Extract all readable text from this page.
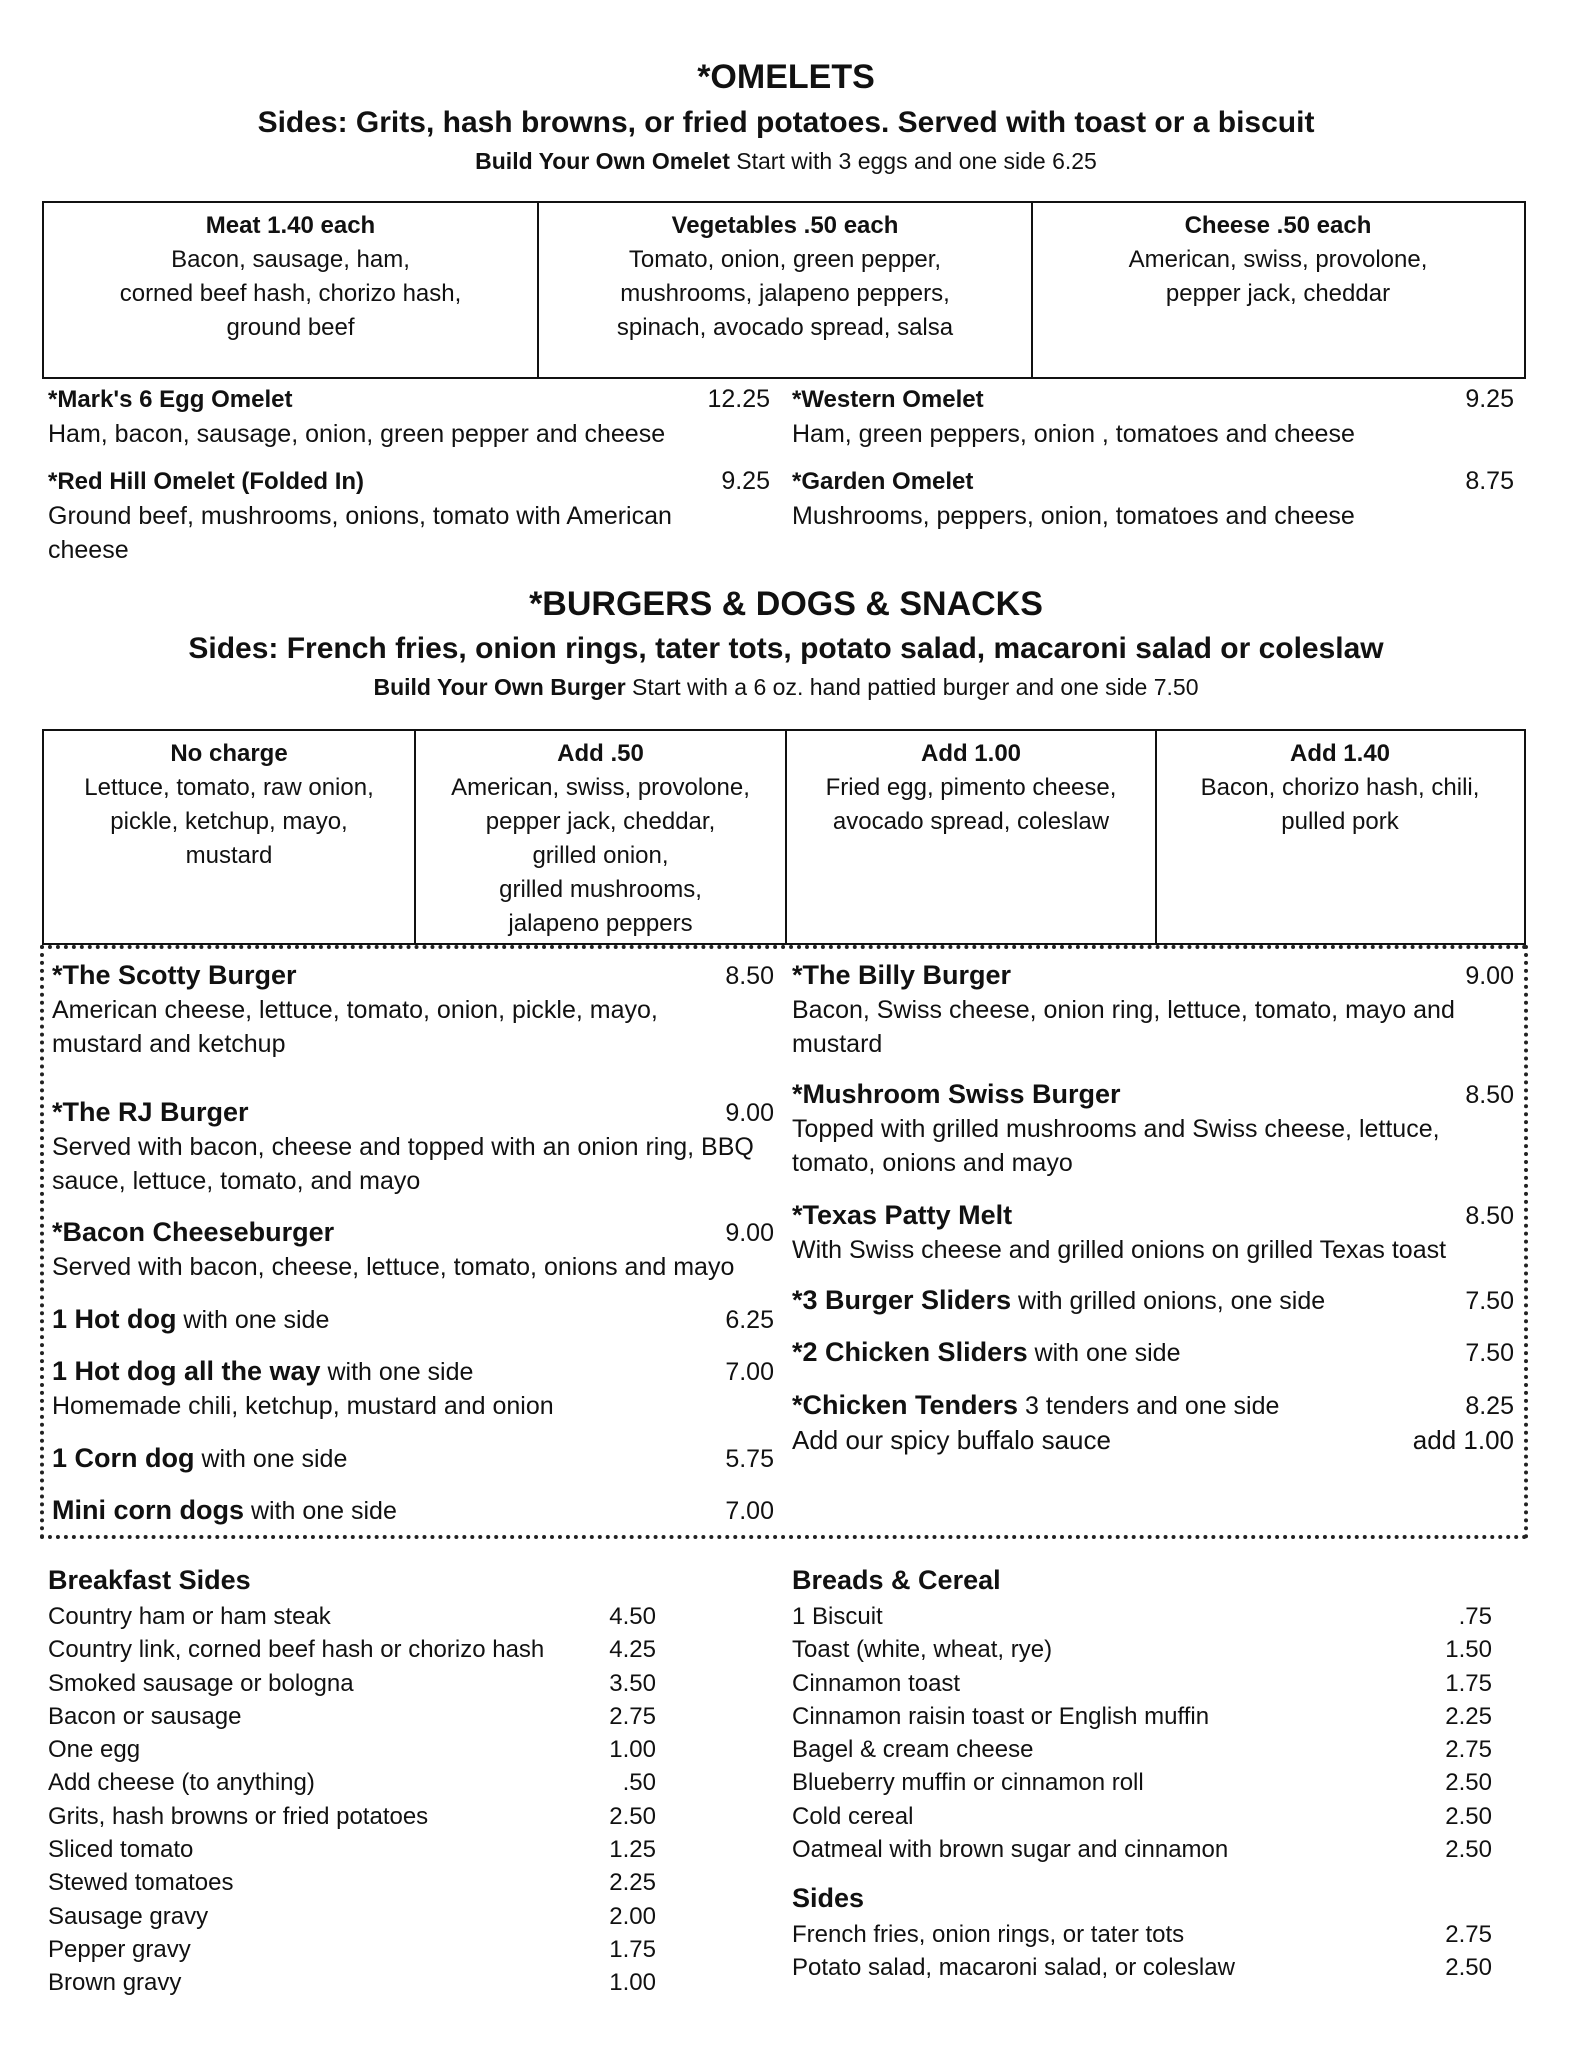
*OMELETS
Sides: Grits, hash browns, or fried potatoes. Served with toast or a biscuit
Build Your Own Omelet Start with 3 eggs and one side 6.25
Meat 1.40 each
Bacon, sausage, ham,
corned beef hash, chorizo hash,
ground beef
Vegetables .50 each
Tomato, onion, green pepper,
mushrooms, jalapeno peppers,
spinach, avocado spread, salsa
Cheese .50 each
American, swiss, provolone,
pepper jack, cheddar
*Mark's 6 Egg Omelet	12.25
Ham, bacon, sausage, onion, green pepper and cheese
*Western Omelet	9.25
Ham, green peppers, onion , tomatoes and cheese
*Red Hill Omelet (Folded In)	9.25
Ground beef, mushrooms, onions, tomato with American
cheese
*Garden Omelet	8.75
Mushrooms, peppers, onion, tomatoes and cheese
*BURGERS & DOGS & SNACKS
Sides: French fries, onion rings, tater tots, potato salad, macaroni salad or coleslaw
Build Your Own Burger Start with a 6 oz. hand pattied burger and one side 7.50
No charge
Lettuce, tomato, raw onion,
pickle, ketchup, mayo,
mustard
Add .50
American, swiss, provolone,
pepper jack, cheddar,
grilled onion,
grilled mushrooms,
jalapeno peppers
Add 1.00
Fried egg, pimento cheese,
avocado spread, coleslaw
Add 1.40
Bacon, chorizo hash, chili,
pulled pork
*The Scotty Burger	8.50
American cheese, lettuce, tomato, onion, pickle, mayo,
mustard and ketchup
*The RJ Burger	9.00
Served with bacon, cheese and topped with an onion ring, BBQ
sauce, lettuce, tomato, and mayo
*Bacon Cheeseburger	9.00
Served with bacon, cheese, lettuce, tomato, onions and mayo
1 Hot dog with one side	6.25
1 Hot dog all the way with one side	7.00
Homemade chili, ketchup, mustard and onion
1 Corn dog with one side	5.75
Mini corn dogs with one side	7.00
*The Billy Burger	9.00
Bacon, Swiss cheese, onion ring, lettuce, tomato, mayo and
mustard
*Mushroom Swiss Burger	8.50
Topped with grilled mushrooms and Swiss cheese, lettuce,
tomato, onions and mayo
*Texas Patty Melt	8.50
With Swiss cheese and grilled onions on grilled Texas toast
*3 Burger Sliders with grilled onions, one side	7.50
*2 Chicken Sliders with one side	7.50
*Chicken Tenders 3 tenders and one side	8.25
Add our spicy buffalo sauce	add 1.00
Breakfast Sides
Country ham or ham steak	4.50
Country link, corned beef hash or chorizo hash	4.25
Smoked sausage or bologna	3.50
Bacon or sausage	2.75
One egg	1.00
Add cheese (to anything)	.50
Grits, hash browns or fried potatoes	2.50
Sliced tomato	1.25
Stewed tomatoes	2.25
Sausage gravy	2.00
Pepper gravy	1.75
Brown gravy	1.00
Breads & Cereal
1 Biscuit	.75
Toast (white, wheat, rye)	1.50
Cinnamon toast	1.75
Cinnamon raisin toast or English muffin	2.25
Bagel & cream cheese	2.75
Blueberry muffin or cinnamon roll	2.50
Cold cereal	2.50
Oatmeal with brown sugar and cinnamon	2.50
Sides
French fries, onion rings, or tater tots	2.75
Potato salad, macaroni salad, or coleslaw	2.50
